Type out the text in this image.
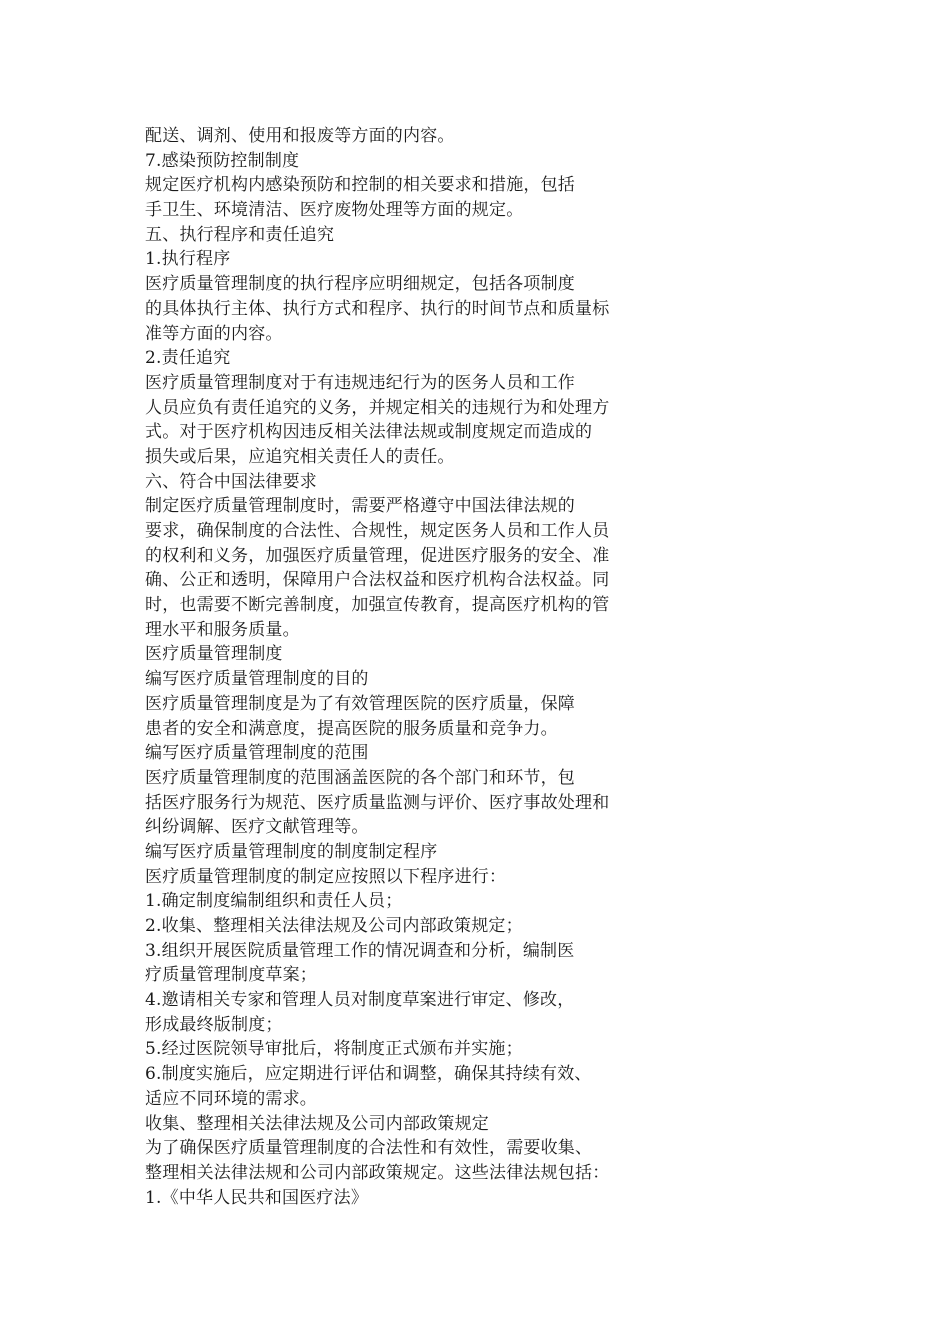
配送、调剂、使用和报废等方面的内容。
7.感染预防控制制度
规定医疗机构内感染预防和控制的相关要求和措施，包括
手卫生、环境清洁、医疗废物处理等方面的规定。
五、执行程序和责任追究
1.执行程序
医疗质量管理制度的执行程序应明细规定，包括各项制度
的具体执行主体、执行方式和程序、执行的时间节点和质量标
准等方面的内容。
2.责任追究
医疗质量管理制度对于有违规违纪行为的医务人员和工作
人员应负有责任追究的义务，并规定相关的违规行为和处理方
式。对于医疗机构因违反相关法律法规或制度规定而造成的
损失或后果，应追究相关责任人的责任。
六、符合中国法律要求
制定医疗质量管理制度时，需要严格遵守中国法律法规的
要求，确保制度的合法性、合规性，规定医务人员和工作人员
的权利和义务，加强医疗质量管理，促进医疗服务的安全、准
确、公正和透明，保障用户合法权益和医疗机构合法权益。同
时，也需要不断完善制度，加强宣传教育，提高医疗机构的管
理水平和服务质量。
医疗质量管理制度
编写医疗质量管理制度的目的
医疗质量管理制度是为了有效管理医院的医疗质量，保障
患者的安全和满意度，提高医院的服务质量和竞争力。
编写医疗质量管理制度的范围
医疗质量管理制度的范围涵盖医院的各个部门和环节，包
括医疗服务行为规范、医疗质量监测与评价、医疗事故处理和
纠纷调解、医疗文献管理等。
编写医疗质量管理制度的制度制定程序
医疗质量管理制度的制定应按照以下程序进行：
1.确定制度编制组织和责任人员；
2.收集、整理相关法律法规及公司内部政策规定；
3.组织开展医院质量管理工作的情况调查和分析，编制医
疗质量管理制度草案；
4.邀请相关专家和管理人员对制度草案进行审定、修改，
形成最终版制度；
5.经过医院领导审批后，将制度正式颁布并实施；
6.制度实施后，应定期进行评估和调整，确保其持续有效、
适应不同环境的需求。
收集、整理相关法律法规及公司内部政策规定
为了确保医疗质量管理制度的合法性和有效性，需要收集、
整理相关法律法规和公司内部政策规定。这些法律法规包括：
1.《中华人民共和国医疗法》
